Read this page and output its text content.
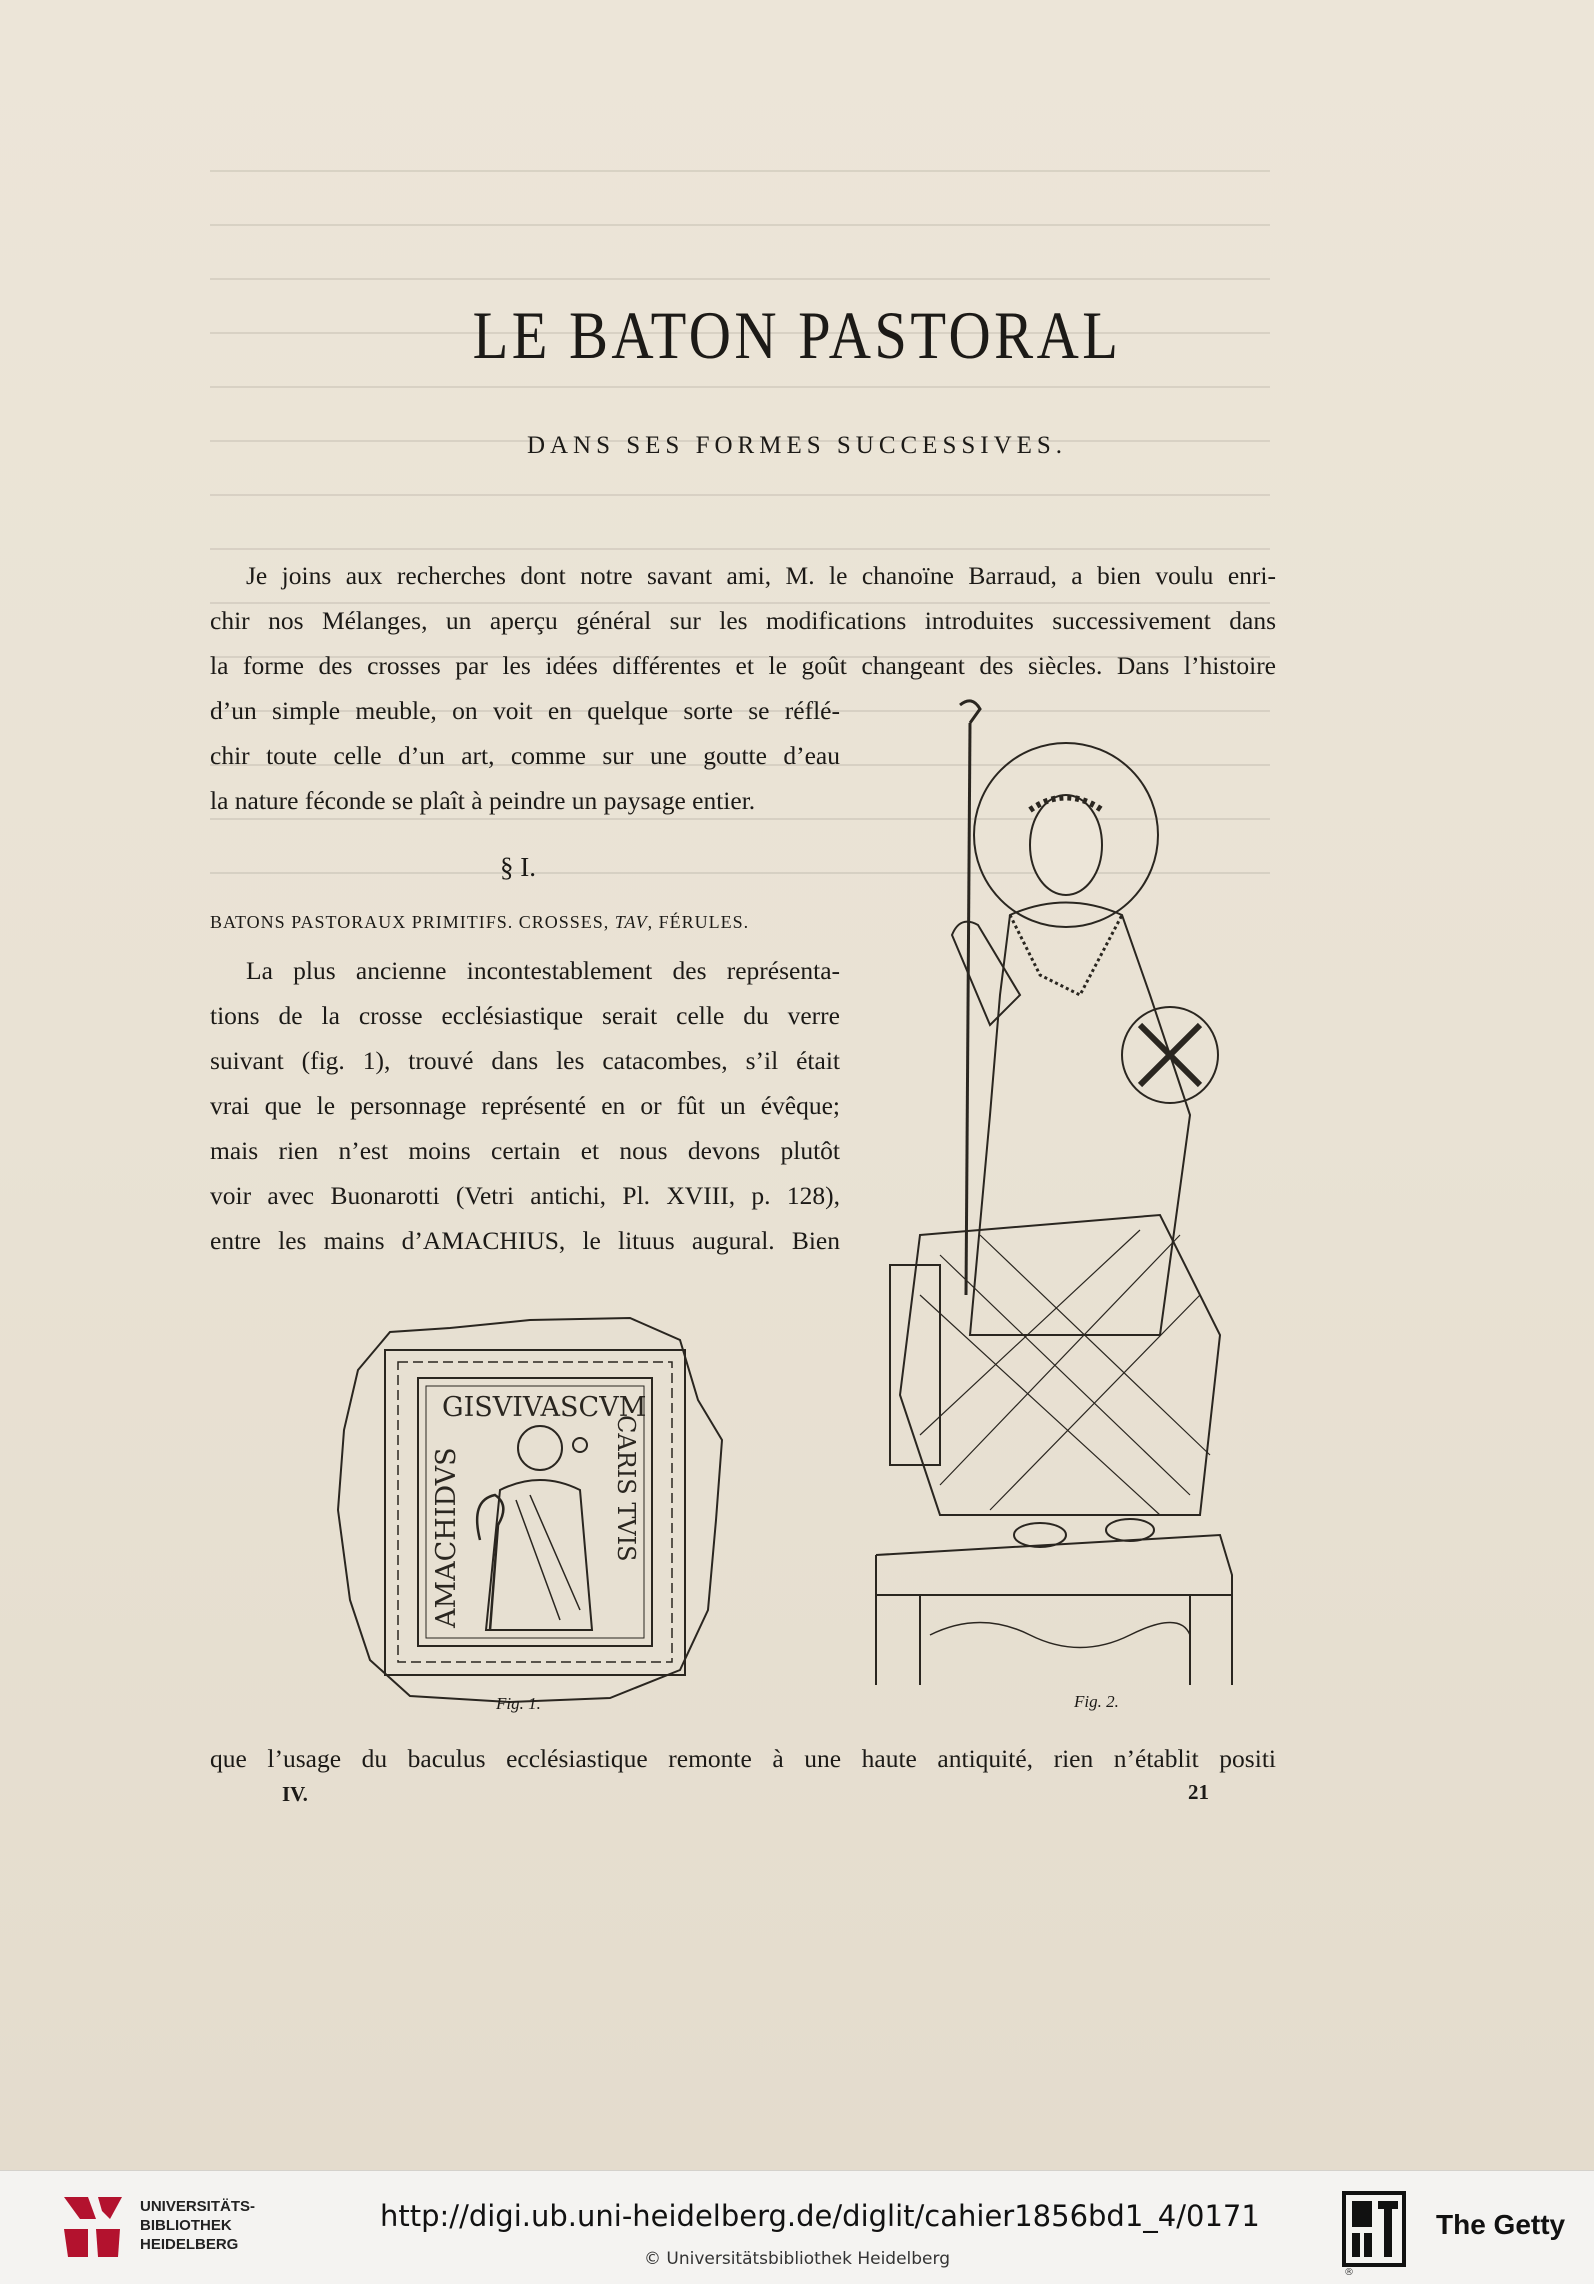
LE BATON PASTORAL
DANS SES FORMES SUCCESSIVES.
Je joins aux recherches dont notre savant ami, M. le chanoïne Barraud, a bien voulu enri-
chir nos Mélanges, un aperçu général sur les modifications introduites successivement dans
la forme des crosses par les idées différentes et le goût changeant des siècles. Dans l’histoire
d’un simple meuble, on voit en quelque sorte se réflé-
chir toute celle d’un art, comme sur une goutte d’eau
la nature féconde se plaît à peindre un paysage entier.
§ I.
BATONS PASTORAUX PRIMITIFS. CROSSES, TAV, FÉRULES.
La plus ancienne incontestablement des représenta-
tions de la crosse ecclésiastique serait celle du verre
suivant (fig. 1), trouvé dans les catacombes, s’il était
vrai que le personnage représenté en or fût un évêque;
mais rien n’est moins certain et nous devons plutôt
voir avec Buonarotti (Vetri antichi, Pl. XVIII, p. 128),
entre les mains d’AMACHIUS, le lituus augural. Bien
GISVIVASCVM
AMACHIDVS	CARIS TVIS
Fig. 1.	Fig. 2.
que l’usage du baculus ecclésiastique remonte à une haute antiquité, rien n’établit positi
IV.	21
UNIVERSITÄTS-
BIBLIOTHEK
HEIDELBERG
http://digi.ub.uni-heidelberg.de/diglit/cahier1856bd1_4/0171
© Universitätsbibliothek Heidelberg
®
The Getty
